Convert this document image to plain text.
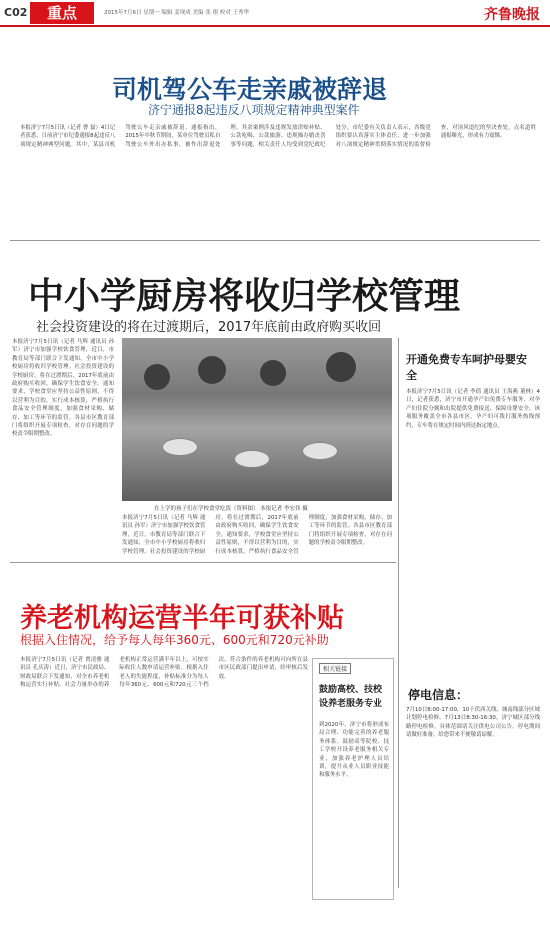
C02	重点	2015年7月6日 星期一 编辑 姜现成 美编 张 翔 校对 王秀华	齐鲁晚报
司机驾公车走亲戚被辞退
济宁通报8起违反八项规定精神典型案件
本报济宁7月5日讯（记者 曹 磊）4日记者获悉，日前济宁市纪委通报8起违反八项规定精神典型问题。其中，某县司机驾驶公车走亲戚被辞退。通报指出，2015年中秋节期间，某单位驾驶员私自驾驶公车外出办私事，被作出辞退处理。其余案例涉及违规发放津贴补贴、公款吃喝、公款旅游、违规操办婚丧喜事等问题，相关责任人均受到党纪政纪处分。市纪委有关负责人表示，各级党组织要认真落实主体责任，进一步加强对八项规定精神贯彻落实情况的监督检查，对顶风违纪的坚决查处，点名道姓通报曝光，形成有力震慑。
中小学厨房将收归学校管理
社会投资建设的将在过渡期后，2017年底前由政府购买收回
本报济宁7月5日讯（记者 马辉 通讯员 孙军）济宁市加强学校饮食管理，近日，市教育局等部门联合下发通知，全市中小学校厨房将收归学校管理。社会投资建设的学校厨房，将在过渡期后，2017年底前由政府购买收回，确保学生饮食安全。通知要求，学校食堂应坚持公益性原则，不得以营利为目的，实行成本核算，严格执行食品安全管理制度，加强食材采购、储存、加工等环节的监管。各县市区教育部门将组织开展专项检查，对存在问题的学校责令限期整改。
在上学的孩子们在学校食堂吃饭（资料图） 本报记者 李宏伟 摄
本报济宁7月5日讯（记者 马辉 通讯员 孙军）济宁市加强学校饮食管理，近日，市教育局等部门联合下发通知，全市中小学校厨房将收归学校管理。社会投资建设的学校厨房，将在过渡期后，2017年底前由政府购买收回，确保学生饮食安全。通知要求，学校食堂应坚持公益性原则，不得以营利为目的，实行成本核算，严格执行食品安全管理制度，加强食材采购、储存、加工等环节的监管。各县市区教育部门将组织开展专项检查，对存在问题的学校责令限期整改。
开通免费专车呵护母婴安全
本报济宁7月5日讯（记者 李倩 通讯员 王海燕 董林）4日，记者获悉，济宁市开通孕产妇免费专车服务，对孕产妇住院分娩和出院提供免费接送，保障母婴安全。该项服务覆盖全市各县市区，孕产妇可拨打服务热线预约，专车将在规定时间内到达指定地点。
停电信息：
7月10日8:00-17:00，10千伏西关线、城南线部分区域计划停电检修。7月13日8:30-16:30，济宁城区部分线路停电检修，具体范围请关注供电公司公告。停电期间请做好准备，给您带来不便敬请谅解。
养老机构运营半年可获补贴
根据入住情况，给予每人每年360元、600元和720元补助
本报济宁7月5日讯（记者 贾凌雅 通讯员 孔庆涛）近日，济宁市民政局、财政局联合下发通知，对全市养老机构运营实行补贴。社会力量举办的养老机构正常运营满半年以上，可按实际收住人数申请运营补贴。根据入住老人的失能程度，补贴标准分为每人每年360元、600元和720元三个档次。符合条件的养老机构可向所在县市区民政部门提出申请，经审核后发放。
相关链接
鼓励高校、技校设养老服务专业
到2020年，济宁市将形成布局合理、功能完善的养老服务体系。鼓励高等院校、技工学校开设养老服务相关专业，加强养老护理人员培训，提升从业人员职业技能和服务水平。
